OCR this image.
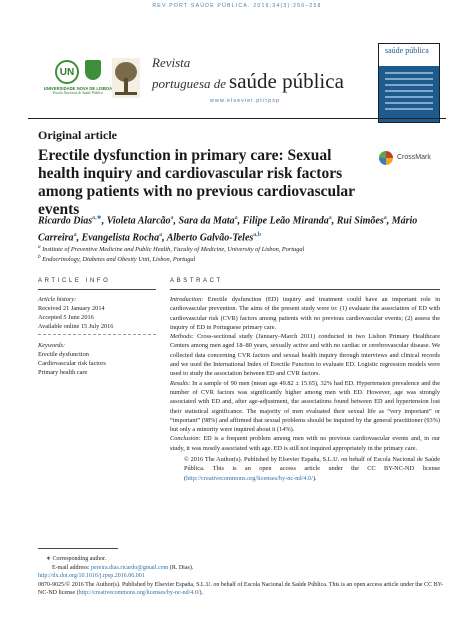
REV PORT SAÚDE PÚBLICA. 2016;34(3):250–258
UN
UNIVERSIDADE NOVA DE LISBOA
Escola Nacional de Saúde Pública
Revista
portuguesa de saúde pública
www.elsevier.pt/rpsp
saúde pública
Original article
Erectile dysfunction in primary care: Sexual health inquiry and cardiovascular risk factors among patients with no previous cardiovascular events
CrossMark
Ricardo Dias$^{a,∗}$, Violeta Alarcão$^a$, Sara da Mata$^a$, Filipe Leão Miranda$^a$, Rui Simões$^a$, Mário Carreira$^a$, Evangelista Rocha$^a$, Alberto Galvão-Teles$^{a,b}$
$^a$ Institute of Preventive Medicine and Public Health, Faculty of Medicine, University of Lisbon, Portugal
$^b$ Endocrinology, Diabetes and Obesity Unit, Lisbon, Portugal
ARTICLE INFO	ABSTRACT
Article history:
Received 21 January 2014
Accepted 5 June 2016
Available online 15 July 2016
Keywords:
Erectile dysfunction
Cardiovascular risk factors
Primary health care

Introduction: Erectile dysfunction (ED) inquiry and treatment could have an important role in cardiovascular prevention. The aims of the present study were to: (1) evaluate the association of ED with cardiovascular risk (CVR) factors among patients with no previous cardiovascular events; (2) assess the inquiry of ED in Portuguese primary care.

Methods: Cross-sectional study (January–March 2011) conducted in two Lisbon Primary Healthcare Centers among men aged 18–80 years, sexually active and with no cardiac or cerebrovascular disease. We collected data concerning CVR factors and sexual health inquiry through interviews and clinical records and we used the International Index of Erectile Function to evaluate ED. Logistic regression models were used to study the association between ED and CVR factors.

Results: In a sample of 90 men (mean age 49.82 ± 15.65), 32% had ED. Hypertension prevalence and the number of CVR factors was significantly higher among men with ED. However, age was strongly associated with ED and, after age-adjustment, the associations found between ED and hypertension lost their statistical significance. The majority of men evaluated their sexual life as “very important” or “important” (98%) and affirmed that sexual problems should be inquired by the general practitioner (93%) but only a minority were inquired about it (14%).

Conclusion: ED is a frequent problem among men with no previous cardiovascular events and, in our study, it was mostly associated with age. ED is still not inquired appropriately in the primary care.

© 2016 The Author(s). Published by Elsevier España, S.L.U. on behalf of Escola Nacional de Saúde Pública. This is an open access article under the CC BY-NC-ND license (http://creativecommons.org/licenses/by-nc-nd/4.0/).

∗ Corresponding author.
E-mail address: pereira.dias.ricardo@gmail.com (R. Dias).
http://dx.doi.org/10.1016/j.rpsp.2016.06.001
0870-9025/© 2016 The Author(s). Published by Elsevier España, S.L.U. on behalf of Escola Nacional de Saúde Pública. This is an open access article under the CC BY-NC-ND license (http://creativecommons.org/licenses/by-nc-nd/4.0/).
